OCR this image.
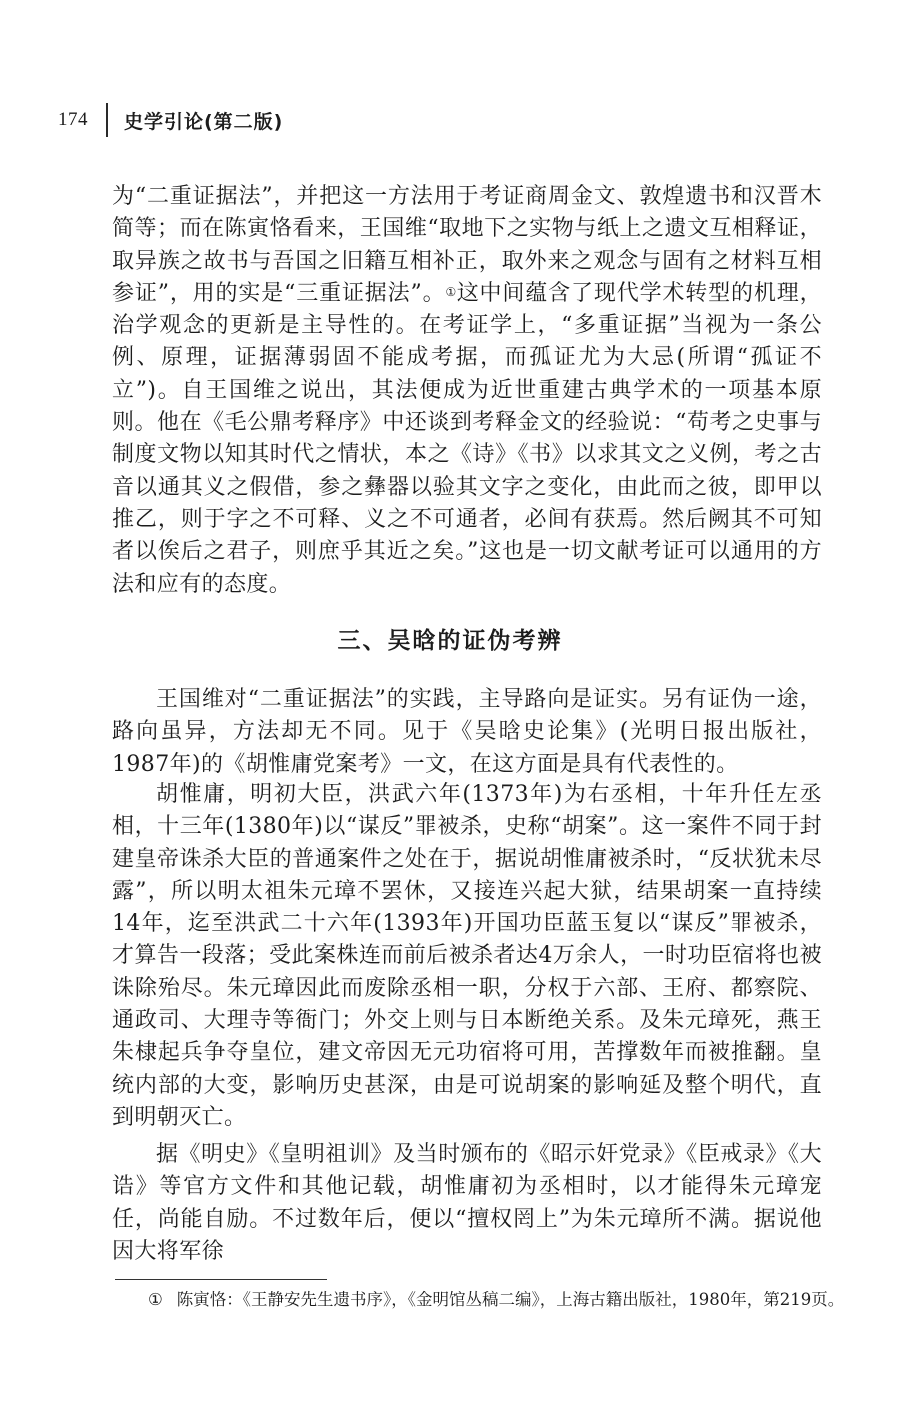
174 史学引论(第二版)

为“二重证据法”，并把这一方法用于考证商周金文、敦煌遗书和汉晋木简等；而在陈寅恪看来，王国维“取地下之实物与纸上之遗文互相释证，取异族之故书与吾国之旧籍互相补正，取外来之观念与固有之材料互相参证”，用的实是“三重证据法”。①这中间蕴含了现代学术转型的机理，治学观念的更新是主导性的。在考证学上，“多重证据”当视为一条公例、原理，证据薄弱固不能成考据，而孤证尤为大忌(所谓“孤证不立”)。自王国维之说出，其法便成为近世重建古典学术的一项基本原则。他在《毛公鼎考释序》中还谈到考释金文的经验说：“苟考之史事与制度文物以知其时代之情状，本之《诗》《书》以求其文之义例，考之古音以通其义之假借，参之彝器以验其文字之变化，由此而之彼，即甲以推乙，则于字之不可释、义之不可通者，必间有获焉。然后阙其不可知者以俟后之君子，则庶乎其近之矣。”这也是一切文献考证可以通用的方法和应有的态度。

三、吴晗的证伪考辨

王国维对“二重证据法”的实践，主导路向是证实。另有证伪一途，路向虽异，方法却无不同。见于《吴晗史论集》(光明日报出版社，1987年)的《胡惟庸党案考》一文，在这方面是具有代表性的。

胡惟庸，明初大臣，洪武六年(1373年)为右丞相，十年升任左丞相，十三年(1380年)以“谋反”罪被杀，史称“胡案”。这一案件不同于封建皇帝诛杀大臣的普通案件之处在于，据说胡惟庸被杀时，“反状犹未尽露”，所以明太祖朱元璋不罢休，又接连兴起大狱，结果胡案一直持续14年，迄至洪武二十六年(1393年)开国功臣蓝玉复以“谋反”罪被杀，才算告一段落；受此案株连而前后被杀者达4万余人，一时功臣宿将也被诛除殆尽。朱元璋因此而废除丞相一职，分权于六部、王府、都察院、通政司、大理寺等衙门；外交上则与日本断绝关系。及朱元璋死，燕王朱棣起兵争夺皇位，建文帝因无元功宿将可用，苦撑数年而被推翻。皇统内部的大变，影响历史甚深，由是可说胡案的影响延及整个明代，直到明朝灭亡。

据《明史》《皇明祖训》及当时颁布的《昭示奸党录》《臣戒录》《大诰》等官方文件和其他记载，胡惟庸初为丞相时，以才能得朱元璋宠任，尚能自励。不过数年后，便以“擅权罔上”为朱元璋所不满。据说他因大将军徐

① 陈寅恪：《王静安先生遗书序》，《金明馆丛稿二编》，上海古籍出版社，1980年，第219页。
